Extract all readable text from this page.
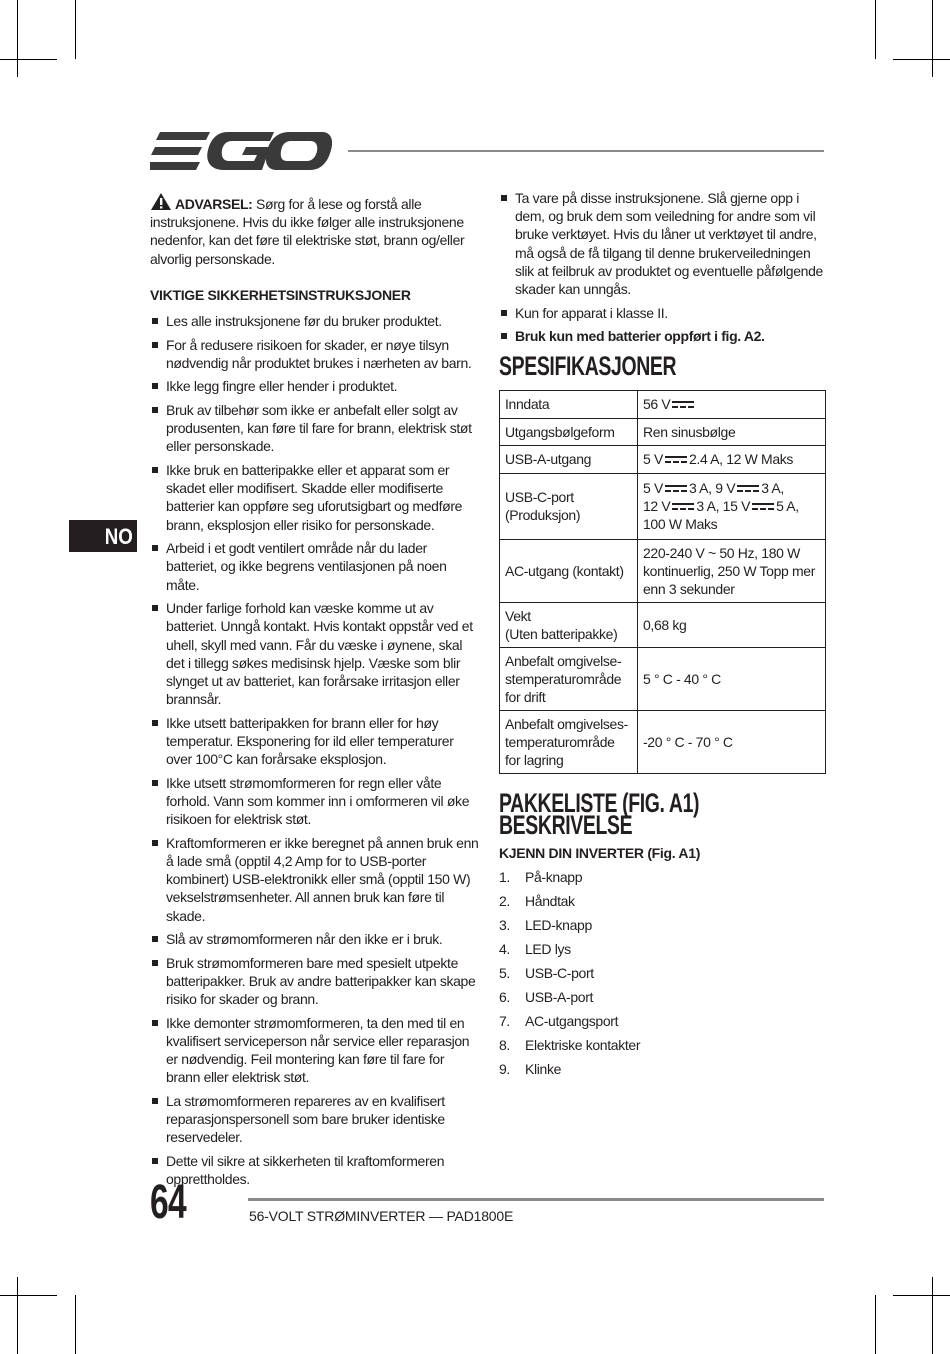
NO

ADVARSEL: Sørg for å lese og forstå alle instruksjonene. Hvis du ikke følger alle instruksjonene nedenfor, kan det føre til elektriske støt, brann og/eller alvorlig personskade.

VIKTIGE SIKKERHETSINSTRUKSJONER
Les alle instruksjonene før du bruker produktet.
For å redusere risikoen for skader, er nøye tilsyn nødvendig når produktet brukes i nærheten av barn.
Ikke legg fingre eller hender i produktet.
Bruk av tilbehør som ikke er anbefalt eller solgt av produsenten, kan føre til fare for brann, elektrisk støt eller personskade.
Ikke bruk en batteripakke eller et apparat som er skadet eller modifisert. Skadde eller modifiserte batterier kan oppføre seg uforutsigbart og medføre brann, eksplosjon eller risiko for personskade.
Arbeid i et godt ventilert område når du lader batteriet, og ikke begrens ventilasjonen på noen måte.
Under farlige forhold kan væske komme ut av batteriet. Unngå kontakt. Hvis kontakt oppstår ved et uhell, skyll med vann. Får du væske i øynene, skal det i tillegg søkes medisinsk hjelp. Væske som blir slynget ut av batteriet, kan forårsake irritasjon eller brannsår.
Ikke utsett batteripakken for brann eller for høy temperatur. Eksponering for ild eller temperaturer over 100°C kan forårsake eksplosjon.
Ikke utsett strømomformeren for regn eller våte forhold. Vann som kommer inn i omformeren vil øke risikoen for elektrisk støt.
Kraftomformeren er ikke beregnet på annen bruk enn å lade små (opptil 4,2 Amp for to USB-porter kombinert) USB-elektronikk eller små (opptil 150 W) vekselstrømsenheter. All annen bruk kan føre til skade.
Slå av strømomformeren når den ikke er i bruk.
Bruk strømomformeren bare med spesielt utpekte batteripakker. Bruk av andre batteripakker kan skape risiko for skader og brann.
Ikke demonter strømomformeren, ta den med til en kvalifisert serviceperson når service eller reparasjon er nødvendig. Feil montering kan føre til fare for brann eller elektrisk støt.
La strømomformeren repareres av en kvalifisert reparasjonspersonell som bare bruker identiske reservedeler.
Dette vil sikre at sikkerheten til kraftomformeren opprettholdes.
Ta vare på disse instruksjonene. Slå gjerne opp i dem, og bruk dem som veiledning for andre som vil bruke verktøyet. Hvis du låner ut verktøyet til andre, må også de få tilgang til denne brukerveiledningen slik at feilbruk av produktet og eventuelle påfølgende skader kan unngås.
Kun for apparat i klasse II.
Bruk kun med batterier oppført i fig. A2.
SPESIFIKASJONER
Inndata	56 V
Utgangsbølgeform	Ren sinusbølge
USB-A-utgang	5 V 2.4 A, 12 W Maks
USB-C-port
(Produksjon)	5 V 3 A, 9 V 3 A,
12 V 3 A, 15 V 5 A,
100 W Maks
AC-utgang (kontakt)	220-240 V ~ 50 Hz, 180 W kontinuerlig, 250 W Topp mer enn 3 sekunder
Vekt
(Uten batteripakke)	0,68 kg
Anbefalt omgivelse-stemperaturområde for drift	5 ° C - 40 ° C
Anbefalt omgivelses-temperaturområde for lagring	-20 ° C - 70 ° C
PAKKELISTE (FIG. A1)
BESKRIVELSE
KJENN DIN INVERTER (Fig. A1)
1. På-knapp
2. Håndtak
3. LED-knapp
4. LED lys
5. USB-C-port
6. USB-A-port
7. AC-utgangsport
8. Elektriske kontakter
9. Klinke
64	56-VOLT STRØMINVERTER — PAD1800E
